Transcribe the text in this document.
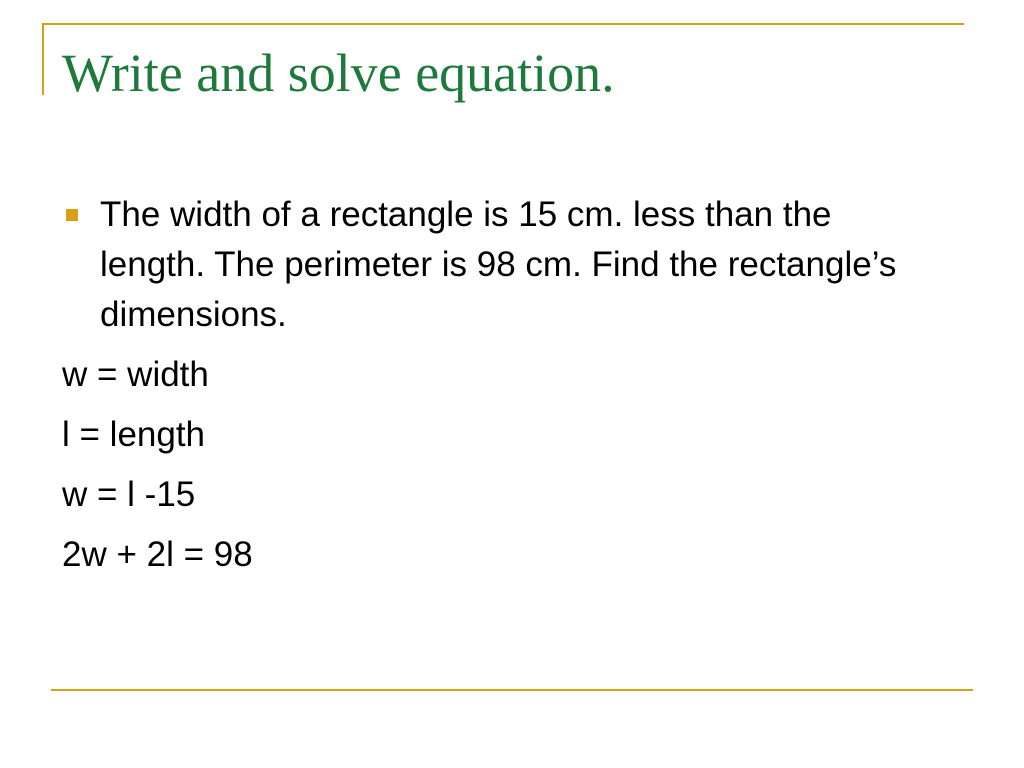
Write and solve equation.
The width of a rectangle is 15 cm. less than the length. The perimeter is 98 cm. Find the rectangle’s dimensions.
w = width
l = length
w = l -15
2w + 2l = 98
